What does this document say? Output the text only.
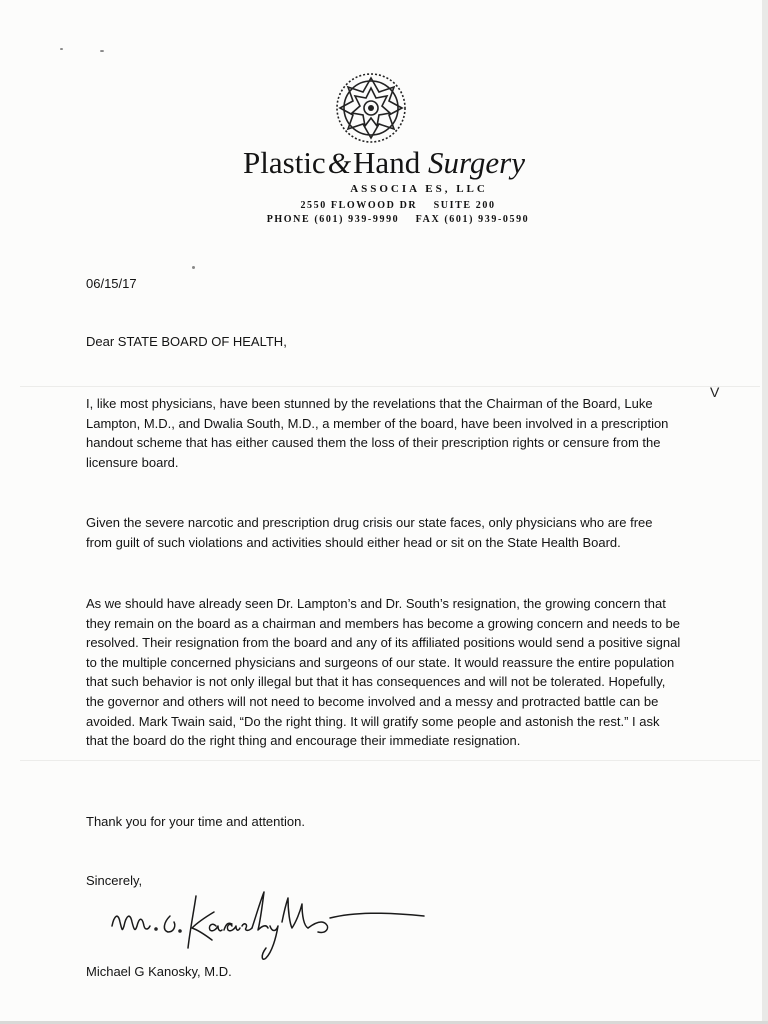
Plastic&Hand Surgery
ASSOCIA ES, LLC
2550 FLOWOOD DR SUITE 200
PHONE (601) 939-9990 FAX (601) 939-0590
06/15/17
Dear STATE BOARD OF HEALTH,

I, like most physicians, have been stunned by the revelations that the Chairman of the Board, Luke Lampton, M.D., and Dwalia South, M.D., a member of the board, have been involved in a prescription handout scheme that has either caused them the loss of their prescription rights or censure from the licensure board.

V

Given the severe narcotic and prescription drug crisis our state faces, only physicians who are free from guilt of such violations and activities should either head or sit on the State Health Board.

As we should have already seen Dr. Lampton’s and Dr. South’s resignation, the growing concern that they remain on the board as a chairman and members has become a growing concern and needs to be resolved. Their resignation from the board and any of its affiliated positions would send a positive signal to the multiple concerned physicians and surgeons of our state. It would reassure the entire population that such behavior is not only illegal but that it has consequences and will not be tolerated. Hopefully, the governor and others will not need to become involved and a messy and protracted battle can be avoided. Mark Twain said, “Do the right thing. It will gratify some people and astonish the rest.” I ask that the board do the right thing and encourage their immediate resignation.

Thank you for your time and attention.
Sincerely,
Michael G Kanosky, M.D.
